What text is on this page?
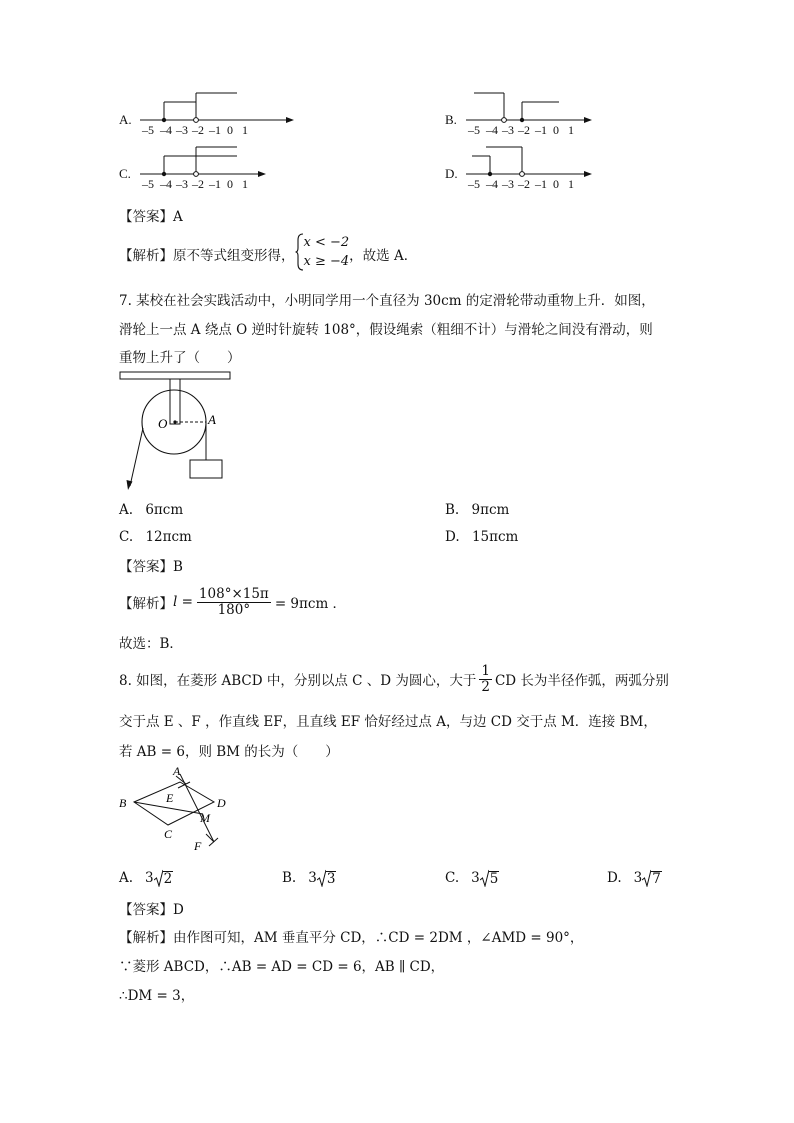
A.
–5 –4 –3 –2 –1 0 1
B.
–5 –4 –3 –2 –1 0 1
C.
–5 –4 –3 –2 –1 0 1
D.
–5 –4 –3 –2 –1 0 1
【答案】A
【解析】 原不等式组变形得，
x < −2
x ≥ −4 ，故选 A．
7. 某校在社会实践活动中，小明同学用一个直径为 30cm 的定滑轮带动重物上升．如图，
滑轮上一点 A 绕点 O 逆时针旋转 108°，假设绳索（粗细不计）与滑轮之间没有滑动，则
重物上升了（　　）
O	A
A. 6πcm	B. 9πcm
C. 12πcm	D. 15πcm
【答案】B
【解析】 $l = \frac{108^\circ\times 15\pi}{180^\circ} = 9\pi cm$ ．
故选：B．
8. 如图，在菱形 ABCD 中，分别以点 C 、D 为圆心，大于 $\frac{1}{2}$ CD 长为半径作弧，两弧分别
交于点 E 、F ，作直线 EF，且直线 EF 恰好经过点 A，与边 CD 交于点 M．连接 BM，
若 AB = 6，则 BM 的长为（　　）
A
B
C
D
E
F
M
A. 3 2	B. 3 3	C. 3 5	D. 3 7
【答案】D
【解析】由作图可知，AM 垂直平分 CD，∴CD = 2DM ，∠AMD = 90°，
∵菱形 ABCD，∴AB = AD = CD = 6，AB ∥ CD，
∴DM = 3，
